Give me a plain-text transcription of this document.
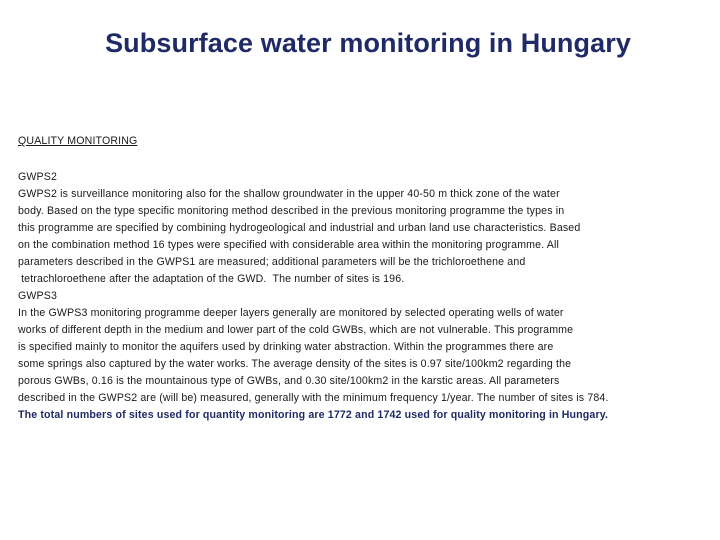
Subsurface water monitoring in Hungary
QUALITY MONITORING
GWPS2
GWPS2 is surveillance monitoring also for the shallow groundwater in the upper 40-50 m thick zone of the water
body. Based on the type specific monitoring method described in the previous monitoring programme the types in
this programme are specified by combining hydrogeological and industrial and urban land use characteristics. Based
on the combination method 16 types were specified with considerable area within the monitoring programme. All
parameters described in the GWPS1 are measured; additional parameters will be the trichloroethene and
tetrachloroethene after the adaptation of the GWD.  The number of sites is 196.
GWPS3
In the GWPS3 monitoring programme deeper layers generally are monitored by selected operating wells of water
works of different depth in the medium and lower part of the cold GWBs, which are not vulnerable. This programme
is specified mainly to monitor the aquifers used by drinking water abstraction. Within the programmes there are
some springs also captured by the water works. The average density of the sites is 0.97 site/100km2 regarding the
porous GWBs, 0.16 is the mountainous type of GWBs, and 0.30 site/100km2 in the karstic areas. All parameters
described in the GWPS2 are (will be) measured, generally with the minimum frequency 1/year. The number of sites is 784.
The total numbers of sites used for quantity monitoring are 1772 and 1742 used for quality monitoring in Hungary.
